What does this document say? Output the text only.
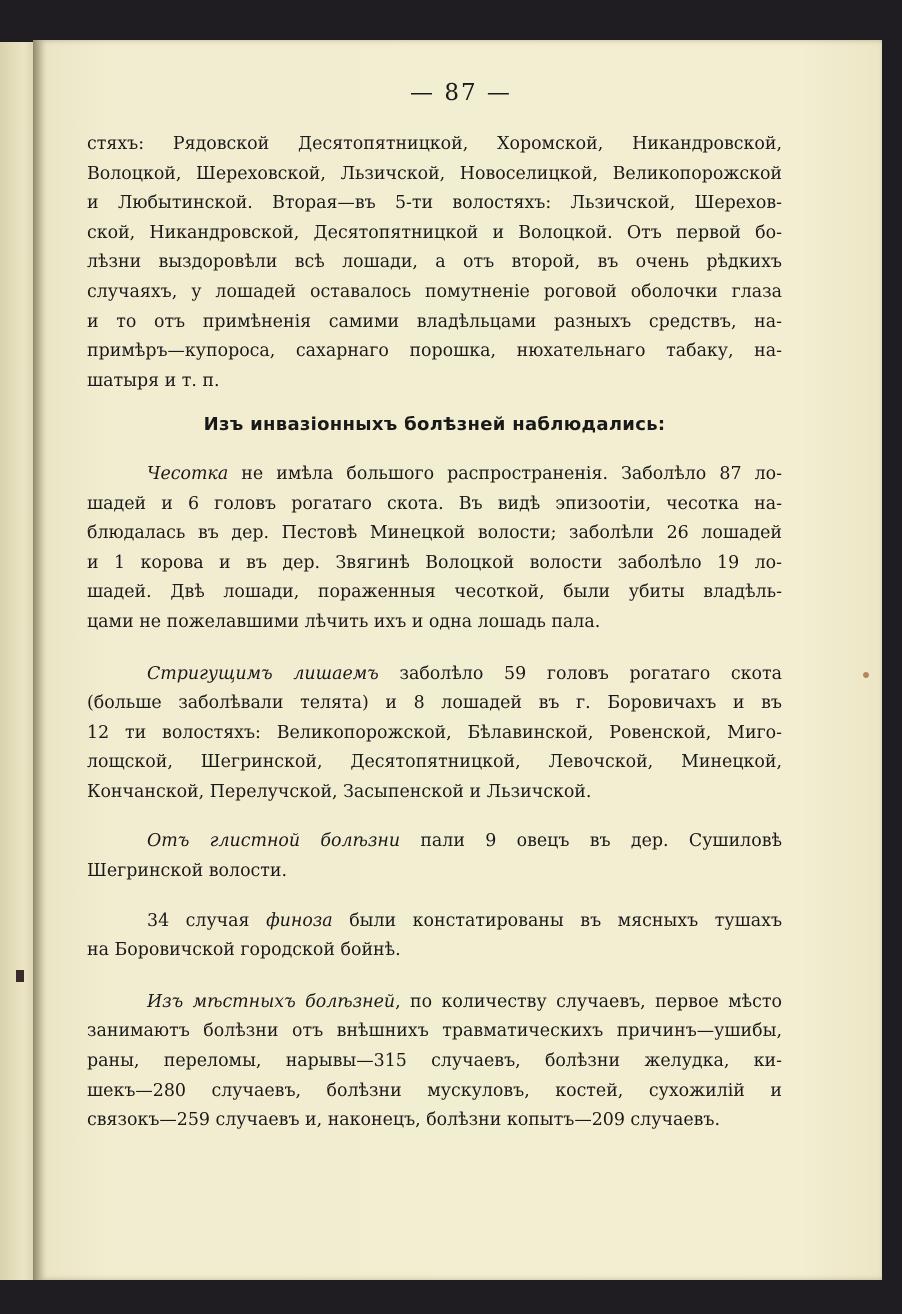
— 87 —
стяхъ: Рядовской Десятопятницкой, Хоромской, Никандровской,
Волоцкой, Шереховской, Льзичской, Новоселицкой, Великопорожской
и Любытинской. Вторая—въ 5-ти волостяхъ: Льзичской, Шерехов-
ской, Никандровской, Десятопятницкой и Волоцкой. Отъ первой бо-
лѣзни выздоровѣли всѣ лошади, а отъ второй, въ очень рѣдкихъ
случаяхъ, у лошадей оставалось помутненіе роговой оболочки глаза
и то отъ примѣненія самими владѣльцами разныхъ средствъ, на-
примѣръ—купороса, сахарнаго порошка, нюхательнаго табаку, на-
шатыря и т. п.
Изъ инвазіонныхъ болѣзней наблюдались:
Чесотка не имѣла большого распространенія. Заболѣло 87 ло-
шадей и 6 головъ рогатаго скота. Въ видѣ эпизоотіи, чесотка на-
блюдалась въ дер. Пестовѣ Минецкой волости; заболѣли 26 лошадей
и 1 корова и въ дер. Звягинѣ Волоцкой волости заболѣло 19 ло-
шадей. Двѣ лошади, пораженныя чесоткой, были убиты владѣль-
цами не пожелавшими лѣчить ихъ и одна лошадь пала.
Стригущимъ лишаемъ заболѣло 59 головъ рогатаго скота
(больше заболѣвали телята) и 8 лошадей въ г. Боровичахъ и въ
12 ти волостяхъ: Великопорожской, Бѣлавинской, Ровенской, Миго-
лощской, Шегринской, Десятопятницкой, Левочской, Минецкой,
Кончанской, Перелучской, Засыпенской и Льзичской.
Отъ глистной болѣзни пали 9 овецъ въ дер. Сушиловѣ
Шегринской волости.
34 случая финоза были констатированы въ мясныхъ тушахъ
на Боровичской городской бойнѣ.
Изъ мѣстныхъ болѣзней, по количеству случаевъ, первое мѣсто
занимаютъ болѣзни отъ внѣшнихъ травматическихъ причинъ—ушибы,
раны, переломы, нарывы—315 случаевъ, болѣзни желудка, ки-
шекъ—280 случаевъ, болѣзни мускуловъ, костей, сухожилій и
связокъ—259 случаевъ и, наконецъ, болѣзни копытъ—209 случаевъ.
